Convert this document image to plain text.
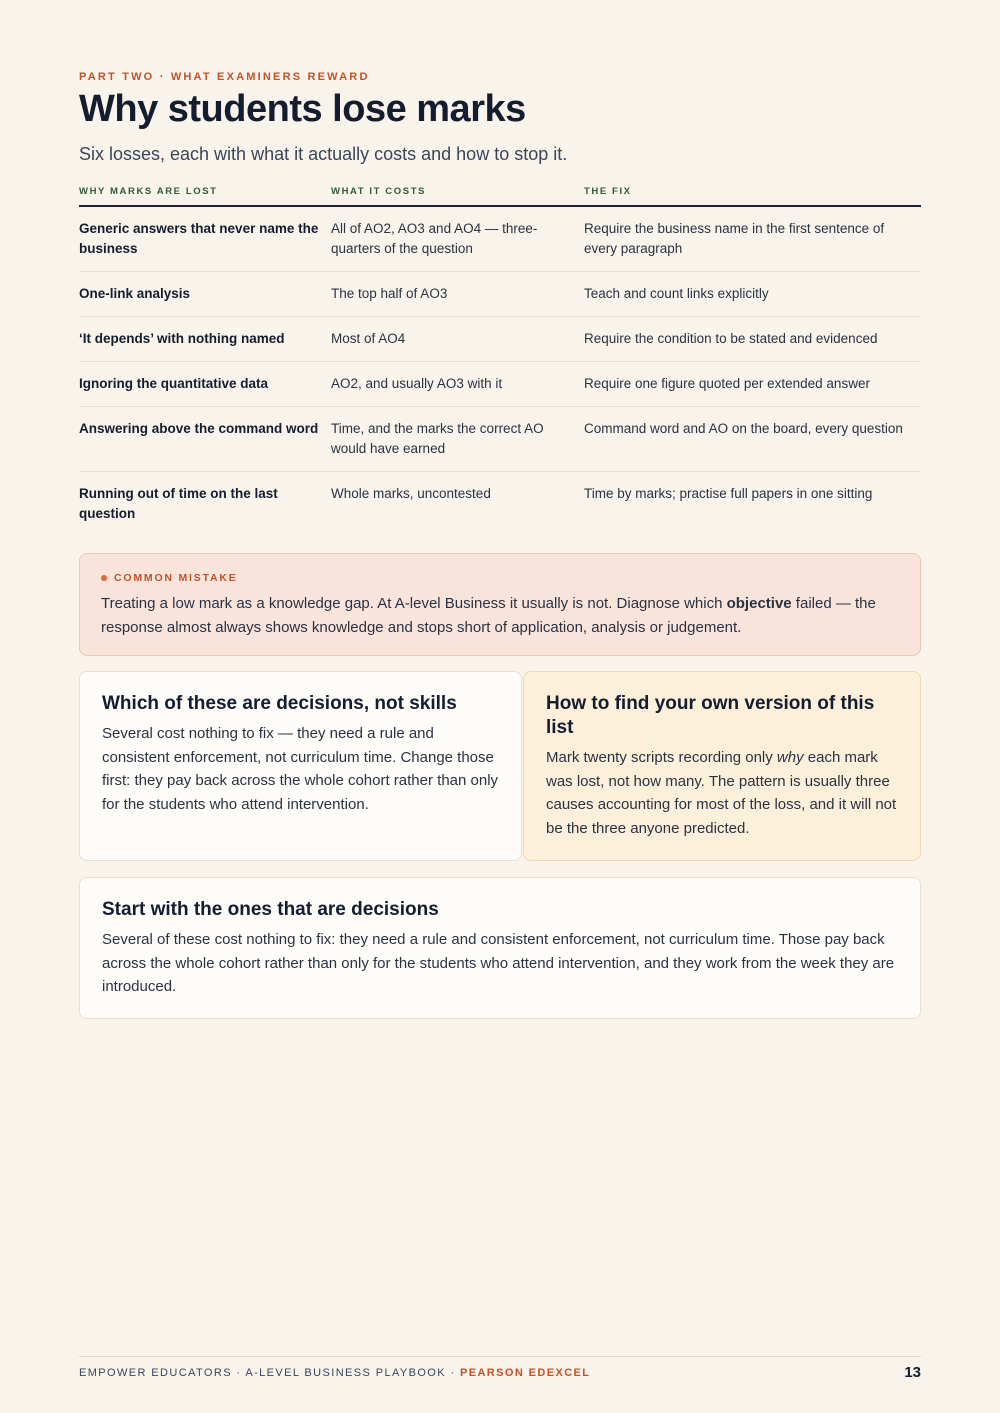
PART TWO · WHAT EXAMINERS REWARD
Why students lose marks

Six losses, each with what it actually costs and how to stop it.

WHY MARKS ARE LOST	WHAT IT COSTS	THE FIX
Generic answers that never name the business	All of AO2, AO3 and AO4 — three-quarters of the question	Require the business name in the first sentence of every paragraph
One-link analysis	The top half of AO3	Teach and count links explicitly
‘It depends’ with nothing named	Most of AO4	Require the condition to be stated and evidenced
Ignoring the quantitative data	AO2, and usually AO3 with it	Require one figure quoted per extended answer
Answering above the command word	Time, and the marks the correct AO would have earned	Command word and AO on the board, every question
Running out of time on the last question	Whole marks, uncontested	Time by marks; practise full papers in one sitting
COMMON MISTAKE
Treating a low mark as a knowledge gap. At A-level Business it usually is not. Diagnose which objective failed — the response almost always shows knowledge and stops short of application, analysis or judgement.
Which of these are decisions, not skills

Several cost nothing to fix — they need a rule and consistent enforcement, not curriculum time. Change those first: they pay back across the whole cohort rather than only for the students who attend intervention.

How to find your own version of this list

Mark twenty scripts recording only why each mark was lost, not how many. The pattern is usually three causes accounting for most of the loss, and it will not be the three anyone predicted.

Start with the ones that are decisions

Several of these cost nothing to fix: they need a rule and consistent enforcement, not curriculum time. Those pay back across the whole cohort rather than only for the students who attend intervention, and they work from the week they are introduced.

EMPOWER EDUCATORS · A-LEVEL BUSINESS PLAYBOOK · PEARSON EDEXCEL	13
